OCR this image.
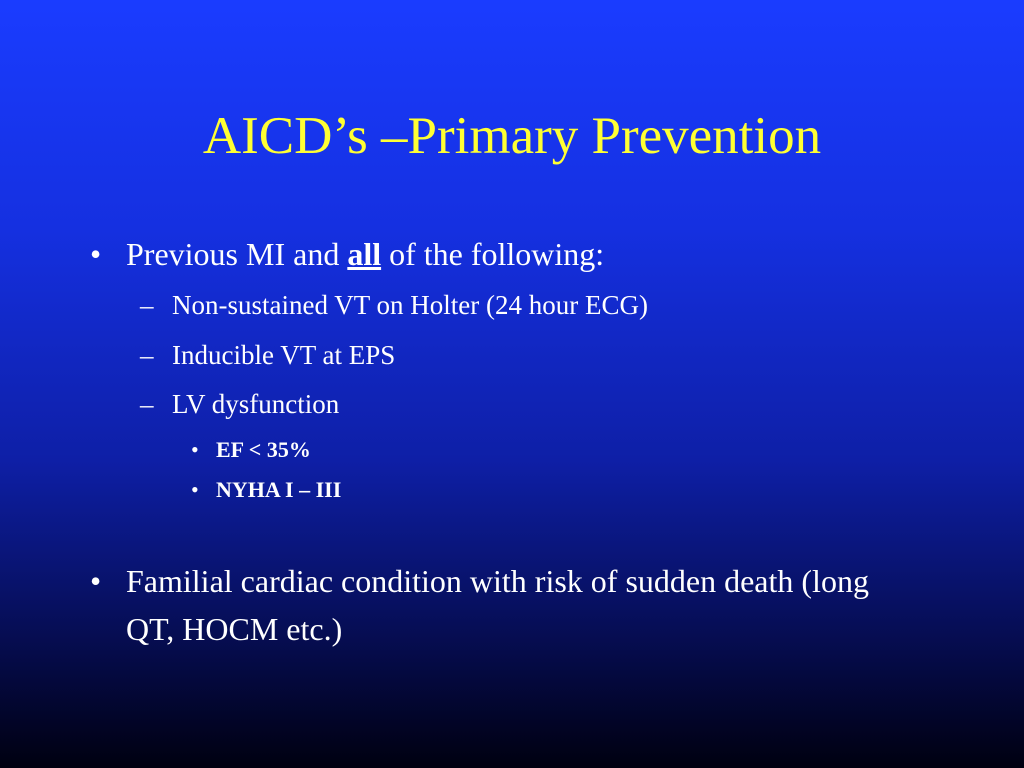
AICD’s –Primary Prevention
• Previous MI and all of the following:
– Non-sustained VT on Holter (24 hour ECG)
– Inducible VT at EPS
– LV dysfunction
• EF < 35%
• NYHA I – III
• Familial cardiac condition with risk of sudden death (long QT, HOCM etc.)
